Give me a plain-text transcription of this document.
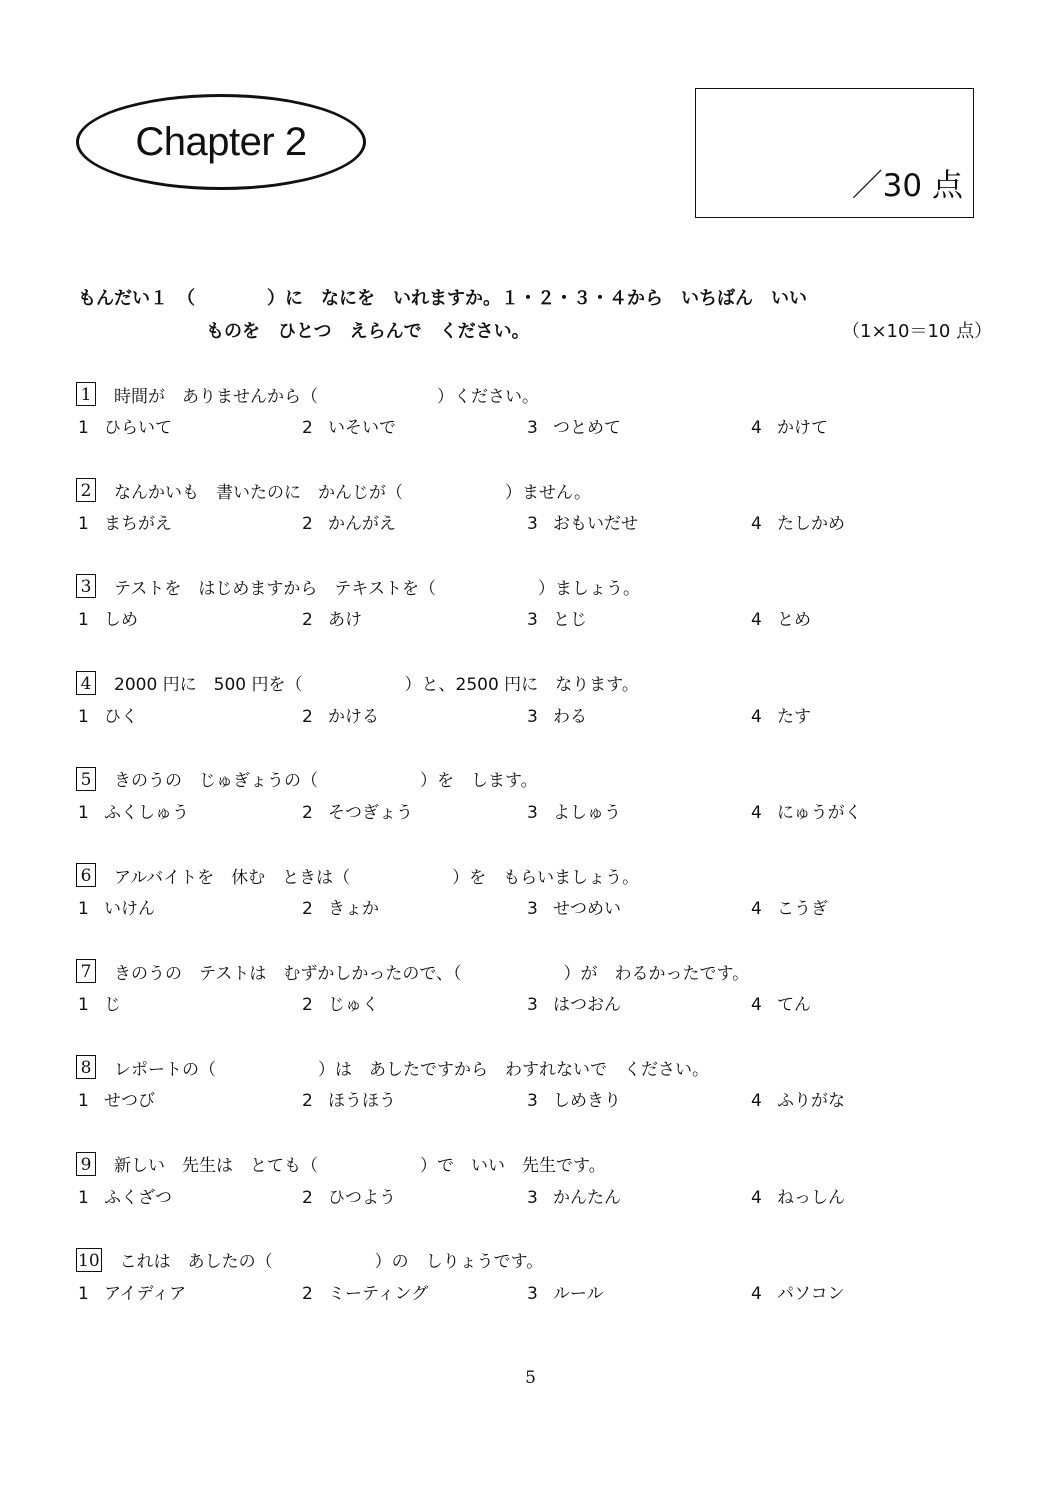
Chapter 2
／30 点
もんだい１　（　　　　）に　なにを　いれますか。１・２・３・４から　いちばん　いい
ものを　ひとつ　えらんで　ください。	（1×10＝10 点）
1 時間が　ありませんから（　　　　　　　）ください。
1 ひらいて	2 いそいで	3 つとめて	4 かけて
2 なんかいも　書いたのに　かんじが（　　　　　　）ません。
1 まちがえ	2 かんがえ	3 おもいだせ	4 たしかめ
3 テストを　はじめますから　テキストを（　　　　　　）ましょう。
1 しめ	2 あけ	3 とじ	4 とめ
4 2000 円に　500 円を（　　　　　　）と、2500 円に　なります。
1 ひく	2 かける	3 わる	4 たす
5 きのうの　じゅぎょうの（　　　　　　）を　します。
1 ふくしゅう	2 そつぎょう	3 よしゅう	4 にゅうがく
6 アルバイトを　休む　ときは（　　　　　　）を　もらいましょう。
1 いけん	2 きょか	3 せつめい	4 こうぎ
7 きのうの　テストは　むずかしかったので、（　　　　　　）が　わるかったです。
1 じ	2 じゅく	3 はつおん	4 てん
8 レポートの（　　　　　　）は　あしたですから　わすれないで　ください。
1 せつび	2 ほうほう	3 しめきり	4 ふりがな
9 新しい　先生は　とても（　　　　　　）で　いい　先生です。
1 ふくざつ	2 ひつよう	3 かんたん	4 ねっしん
10 これは　あしたの（　　　　　　）の　しりょうです。
1 アイディア	2 ミーティング	3 ルール	4 パソコン
5
